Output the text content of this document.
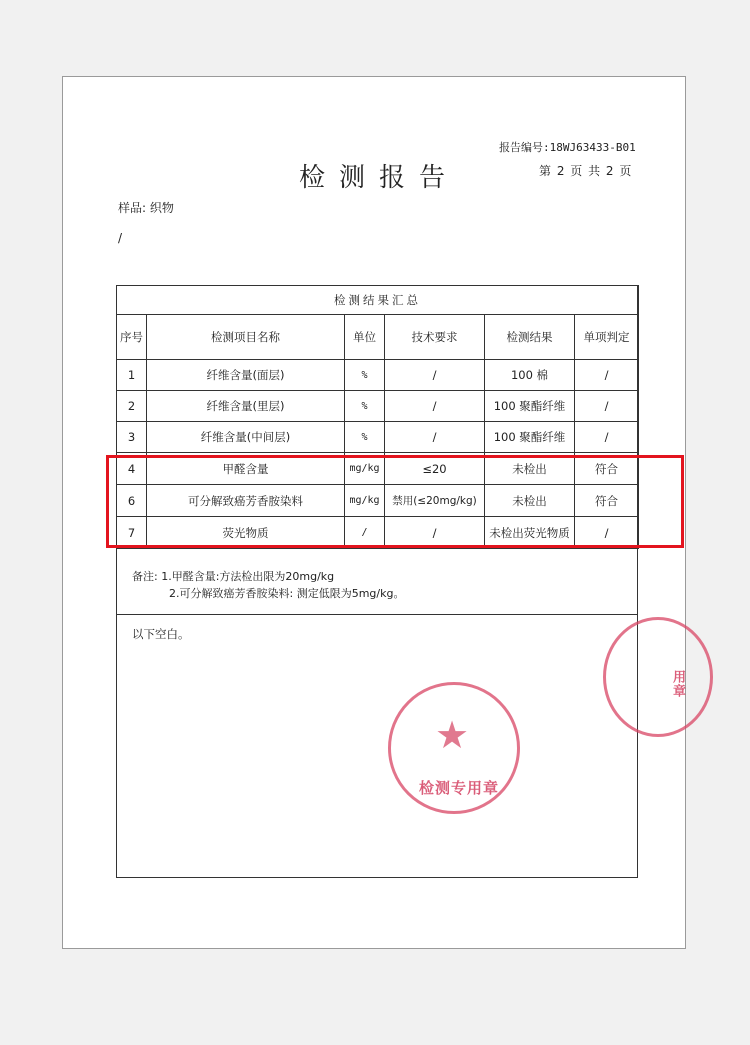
报告编号:18WJ63433-B01
检测报告	第 2 页 共 2 页
样品: 织物
/
检测结果汇总					
序号	检测项目名称	单位	技术要求	检测结果	单项判定
1	纤维含量(面层)	%	/	100 棉	/
2	纤维含量(里层)	%	/	100 聚酯纤维	/
3	纤维含量(中间层)	%	/	100 聚酯纤维	/
4	甲醛含量	mg/kg	≤20	未检出	符合
6	可分解致癌芳香胺染料	mg/kg	禁用(≤20mg/kg)	未检出	符合
7	荧光物质	/	/	未检出荧光物质	/
备注: 1.甲醛含量:方法检出限为20mg/kg
2.可分解致癌芳香胺染料: 测定低限为5mg/kg。
以下空白。
★
检测专用章
用章
